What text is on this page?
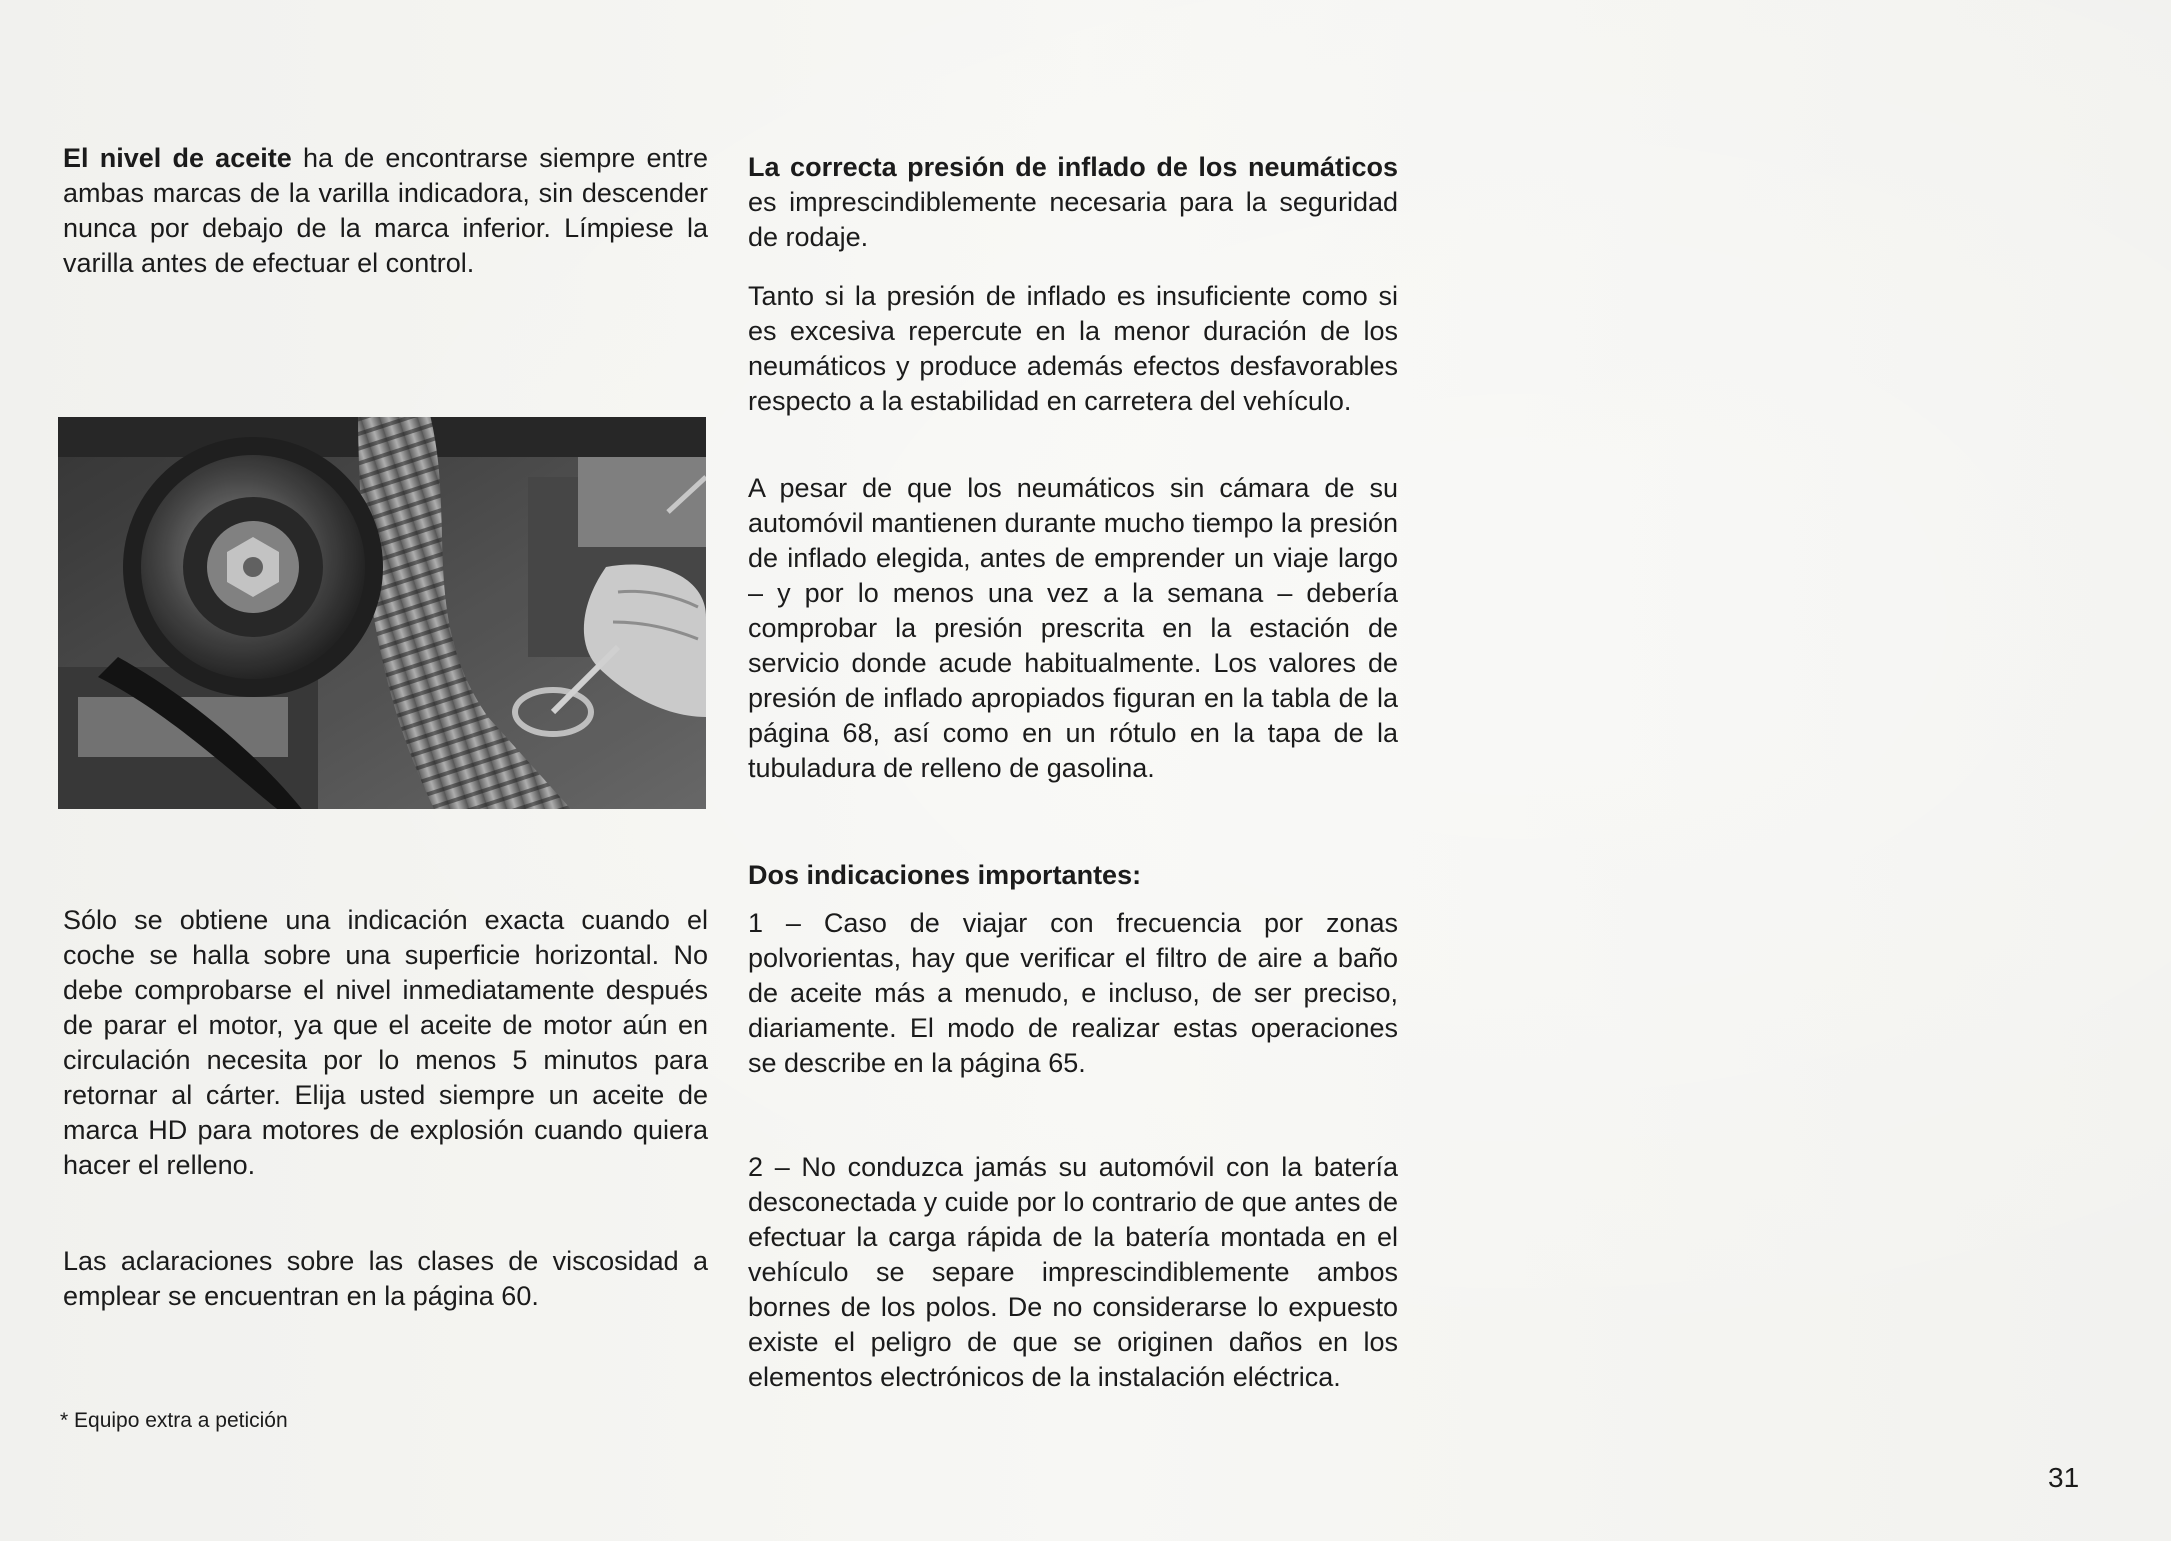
El nivel de aceite ha de encontrarse siempre entre ambas marcas de la varilla indicadora, sin descender nunca por debajo de la marca inferior. Límpiese la varilla antes de efectuar el control.

Sólo se obtiene una indicación exacta cuando el coche se halla sobre una superficie horizontal. No debe comprobarse el nivel inmediatamente después de parar el motor, ya que el aceite de motor aún en circulación necesita por lo menos 5 minutos para retornar al cárter. Elija usted siempre un aceite de marca HD para motores de explosión cuando quiera hacer el relleno.

Las aclaraciones sobre las clases de viscosidad a emplear se encuentran en la página 60.

* Equipo extra a petición

La correcta presión de inflado de los neumáticos es imprescindiblemente necesaria para la seguridad de rodaje.

Tanto si la presión de inflado es insuficiente como si es excesiva repercute en la menor duración de los neumáticos y produce además efectos desfavorables respecto a la estabilidad en carretera del vehículo.

A pesar de que los neumáticos sin cámara de su automóvil mantienen durante mucho tiempo la presión de inflado elegida, antes de emprender un viaje largo – y por lo menos una vez a la semana – debería comprobar la presión prescrita en la estación de servicio donde acude habitualmente. Los valores de presión de inflado apropiados figuran en la tabla de la página 68, así como en un rótulo en la tapa de la tubuladura de relleno de gasolina.

Dos indicaciones importantes:

1 – Caso de viajar con frecuencia por zonas polvorientas, hay que verificar el filtro de aire a baño de aceite más a menudo, e incluso, de ser preciso, diariamente. El modo de realizar estas operaciones se describe en la página 65.

2 – No conduzca jamás su automóvil con la batería desconectada y cuide por lo contrario de que antes de efectuar la carga rápida de la batería montada en el vehículo se separe imprescindiblemente ambos bornes de los polos. De no considerarse lo expuesto existe el peligro de que se originen daños en los elementos electrónicos de la instalación eléctrica.

31
